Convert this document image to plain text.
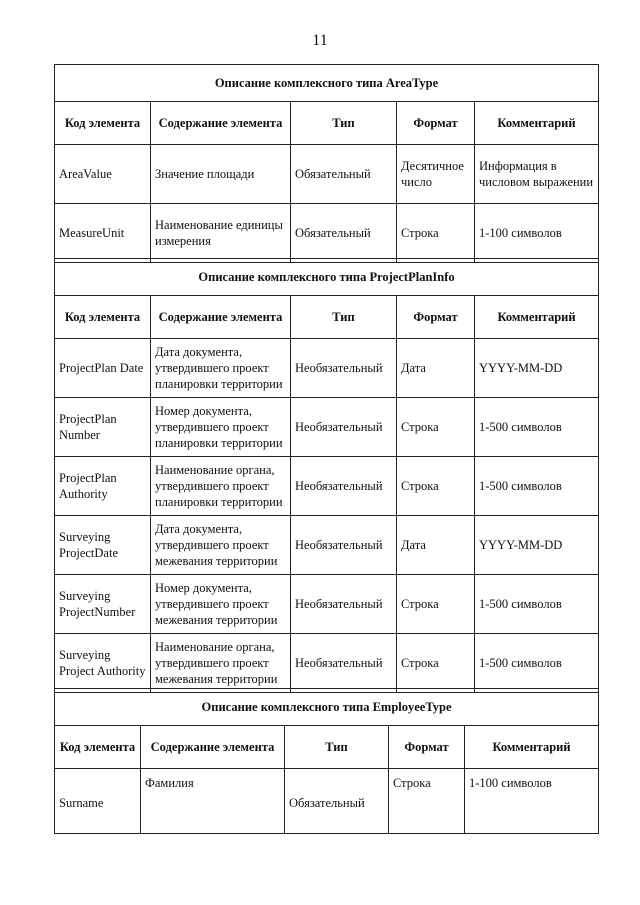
11
Описание комплексного типа AreaType				
Код элемента	Содержание элемента	Тип	Формат	Комментарий
AreaValue	Значение площади	Обязательный	Десятичное число	Информация в числовом выражении
MeasureUnit	Наименование единицы измерения	Обязательный	Строка	1-100 символов
Описание комплексного типа ProjectPlanInfo				
Код элемента	Содержание элемента	Тип	Формат	Комментарий
ProjectPlan Date	Дата документа, утвердившего проект планировки территории	Необязательный	Дата	YYYY-MM-DD
ProjectPlan Number	Номер документа, утвердившего проект планировки территории	Необязательный	Строка	1-500 символов
ProjectPlan Authority	Наименование органа, утвердившего проект планировки территории	Необязательный	Строка	1-500 символов
Surveying ProjectDate	Дата документа, утвердившего проект межевания территории	Необязательный	Дата	YYYY-MM-DD
Surveying ProjectNumber	Номер документа, утвердившего проект межевания территории	Необязательный	Строка	1-500 символов
Surveying Project Authority	Наименование органа, утвердившего проект межевания территории	Необязательный	Строка	1-500 символов
Описание комплексного типа EmployeeType				
Код элемента	Содержание элемента	Тип	Формат	Комментарий
Surname	Фамилия	Обязательный	Строка	1-100 символов
